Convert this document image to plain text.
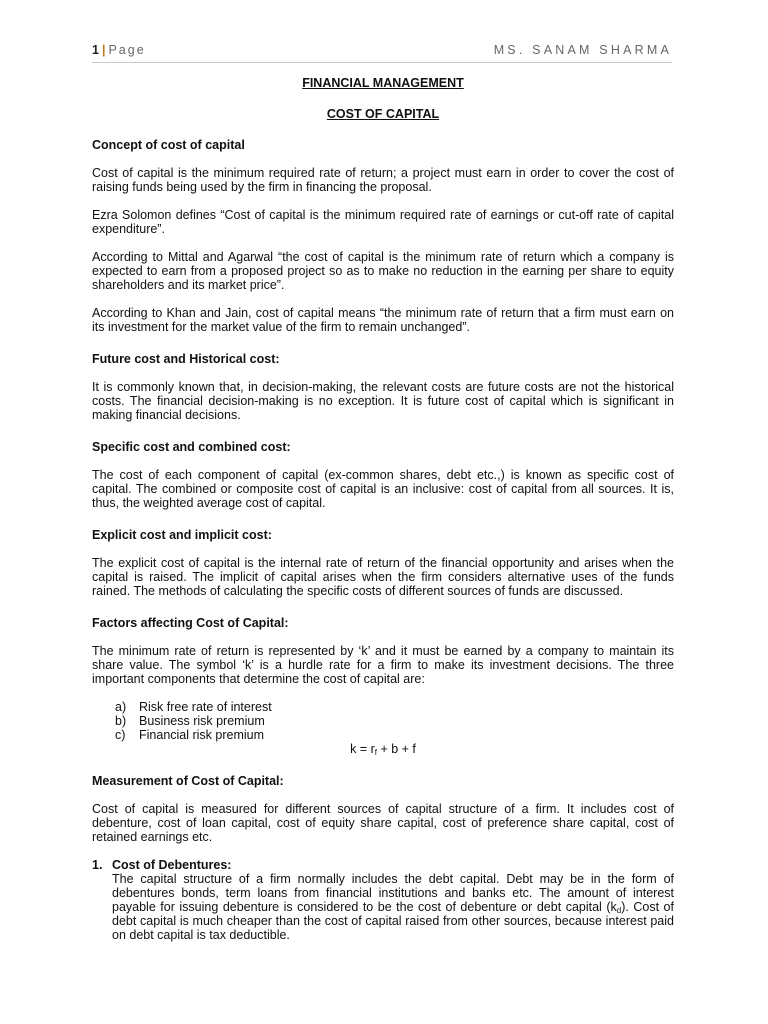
1 | Page	MS. SANAM SHARMA
FINANCIAL MANAGEMENT
COST OF CAPITAL
Concept of cost of capital
Cost of capital is the minimum required rate of return; a project must earn in order to cover the cost of raising funds being used by the firm in financing the proposal.
Ezra Solomon defines “Cost of capital is the minimum required rate of earnings or cut-off rate of capital expenditure”.
According to Mittal and Agarwal “the cost of capital is the minimum rate of return which a company is expected to earn from a proposed project so as to make no reduction in the earning per share to equity shareholders and its market price”.
According to Khan and Jain, cost of capital means “the minimum rate of return that a firm must earn on its investment for the market value of the firm to remain unchanged”.
Future cost and Historical cost:
It is commonly known that, in decision-making, the relevant costs are future costs are not the historical costs. The financial decision-making is no exception. It is future cost of capital which is significant in making financial decisions.
Specific cost and combined cost:
The cost of each component of capital (ex-common shares, debt etc.,) is known as specific cost of capital. The combined or composite cost of capital is an inclusive: cost of capital from all sources. It is, thus, the weighted average cost of capital.
Explicit cost and implicit cost:
The explicit cost of capital is the internal rate of return of the financial opportunity and arises when the capital is raised. The implicit of capital arises when the firm considers alternative uses of the funds rained. The methods of calculating the specific costs of different sources of funds are discussed.
Factors affecting Cost of Capital:
The minimum rate of return is represented by ‘k’ and it must be earned by a company to maintain its share value. The symbol ‘k’ is a hurdle rate for a firm to make its investment decisions. The three important components that determine the cost of capital are:
a) Risk free rate of interest
b) Business risk premium
c) Financial risk premium
$k = r_f + b + f$
Measurement of Cost of Capital:
Cost of capital is measured for different sources of capital structure of a firm. It includes cost of debenture, cost of loan capital, cost of equity share capital, cost of preference share capital, cost of retained earnings etc.
1. Cost of Debentures:
The capital structure of a firm normally includes the debt capital. Debt may be in the form of debentures bonds, term loans from financial institutions and banks etc. The amount of interest payable for issuing debenture is considered to be the cost of debenture or debt capital $(k_d)$. Cost of debt capital is much cheaper than the cost of capital raised from other sources, because interest paid on debt capital is tax deductible.
